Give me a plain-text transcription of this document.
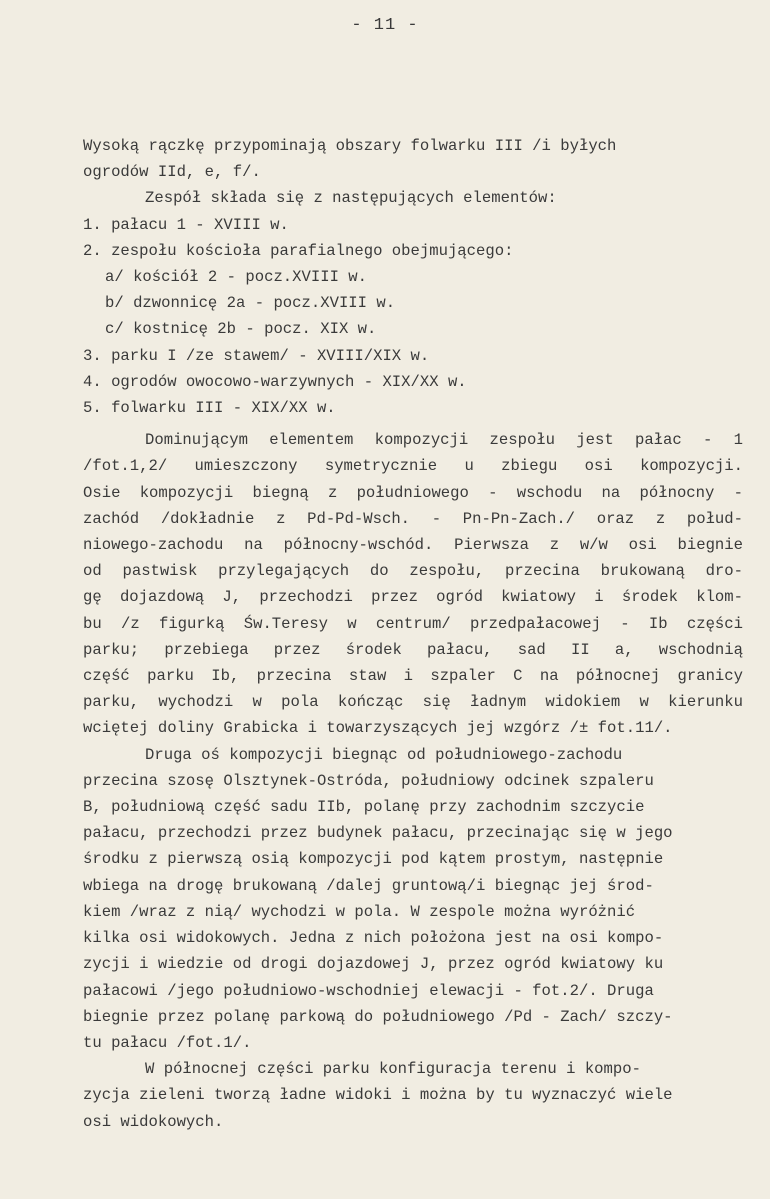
- 11 -
Wysoką rączkę przypominają obszary folwarku III /i byłych
ogrodów IId, e, f/.
Zespół składa się z następujących elementów:
1. pałacu 1 - XVIII w.
2. zespołu kościoła parafialnego obejmującego:
a/ kościół 2 - pocz.XVIII w.
b/ dzwonnicę 2a - pocz.XVIII w.
c/ kostnicę 2b - pocz. XIX w.
3. parku I /ze stawem/ - XVIII/XIX w.
4. ogrodów owocowo-warzywnych - XIX/XX w.
5. folwarku III - XIX/XX w.
Dominującym elementem kompozycji zespołu jest pałac - 1
/fot.1,2/ umieszczony symetrycznie u zbiegu osi kompozycji.
Osie kompozycji biegną z południowego - wschodu na północny -
zachód /dokładnie z Pd-Pd-Wsch. - Pn-Pn-Zach./ oraz z połud-
niowego-zachodu na północny-wschód. Pierwsza z w/w osi biegnie
od pastwisk przylegających do zespołu, przecina brukowaną dro-
gę dojazdową J, przechodzi przez ogród kwiatowy i środek klom-
bu /z figurką Św.Teresy w centrum/ przedpałacowej - Ib części
parku; przebiega przez środek pałacu, sad II a, wschodnią
część parku Ib, przecina staw i szpaler C na północnej granicy
parku, wychodzi w pola kończąc się ładnym widokiem w kierunku
wciętej doliny Grabicka i towarzyszących jej wzgórz /± fot.11/.
Druga oś kompozycji biegnąc od południowego-zachodu
przecina szosę Olsztynek-Ostróda, południowy odcinek szpaleru
B, południową część sadu IIb, polanę przy zachodnim szczycie
pałacu, przechodzi przez budynek pałacu, przecinając się w jego
środku z pierwszą osią kompozycji pod kątem prostym, następnie
wbiega na drogę brukowaną /dalej gruntową/i biegnąc jej środ-
kiem /wraz z nią/ wychodzi w pola. W zespole można wyróżnić
kilka osi widokowych. Jedna z nich położona jest na osi kompo-
zycji i wiedzie od drogi dojazdowej J, przez ogród kwiatowy ku
pałacowi /jego południowo-wschodniej elewacji - fot.2/. Druga
biegnie przez polanę parkową do południowego /Pd - Zach/ szczy-
tu pałacu /fot.1/.
W północnej części parku konfiguracja terenu i kompo-
zycja zieleni tworzą ładne widoki i można by tu wyznaczyć wiele
osi widokowych.
